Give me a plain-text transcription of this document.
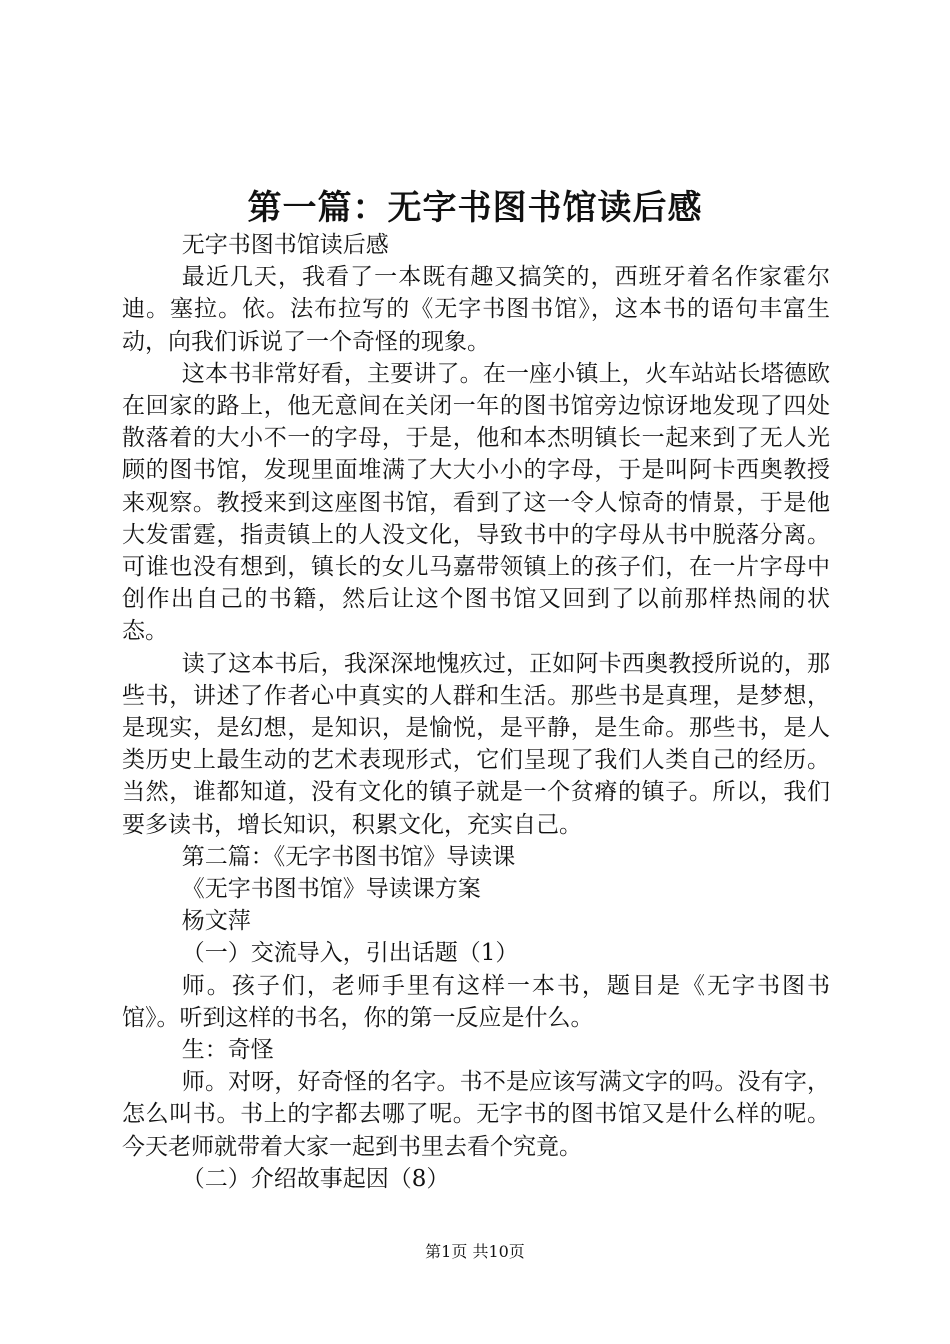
第一篇：无字书图书馆读后感

无字书图书馆读后感

最近几天，我看了一本既有趣又搞笑的，西班牙着名作家霍尔迪。塞拉。依。法布拉写的《无字书图书馆》，这本书的语句丰富生动，向我们诉说了一个奇怪的现象。

这本书非常好看，主要讲了。在一座小镇上，火车站站长塔德欧在回家的路上，他无意间在关闭一年的图书馆旁边惊讶地发现了四处散落着的大小不一的字母，于是，他和本杰明镇长一起来到了无人光顾的图书馆，发现里面堆满了大大小小的字母，于是叫阿卡西奥教授来观察。教授来到这座图书馆，看到了这一令人惊奇的情景，于是他大发雷霆，指责镇上的人没文化，导致书中的字母从书中脱落分离。可谁也没有想到，镇长的女儿马嘉带领镇上的孩子们，在一片字母中创作出自己的书籍，然后让这个图书馆又回到了以前那样热闹的状态。

读了这本书后，我深深地愧疚过，正如阿卡西奥教授所说的，那些书，讲述了作者心中真实的人群和生活。那些书是真理，是梦想，是现实，是幻想，是知识，是愉悦，是平静，是生命。那些书，是人类历史上最生动的艺术表现形式，它们呈现了我们人类自己的经历。当然，谁都知道，没有文化的镇子就是一个贫瘠的镇子。所以，我们要多读书，增长知识，积累文化，充实自己。

第二篇：《无字书图书馆》导读课

《无字书图书馆》导读课方案

杨文萍

（一）交流导入，引出话题（1）

师。孩子们，老师手里有这样一本书，题目是《无字书图书馆》。听到这样的书名，你的第一反应是什么。

生：奇怪

师。对呀，好奇怪的名字。书不是应该写满文字的吗。没有字，怎么叫书。书上的字都去哪了呢。无字书的图书馆又是什么样的呢。今天老师就带着大家一起到书里去看个究竟。

（二）介绍故事起因（8）

第1页 共10页
